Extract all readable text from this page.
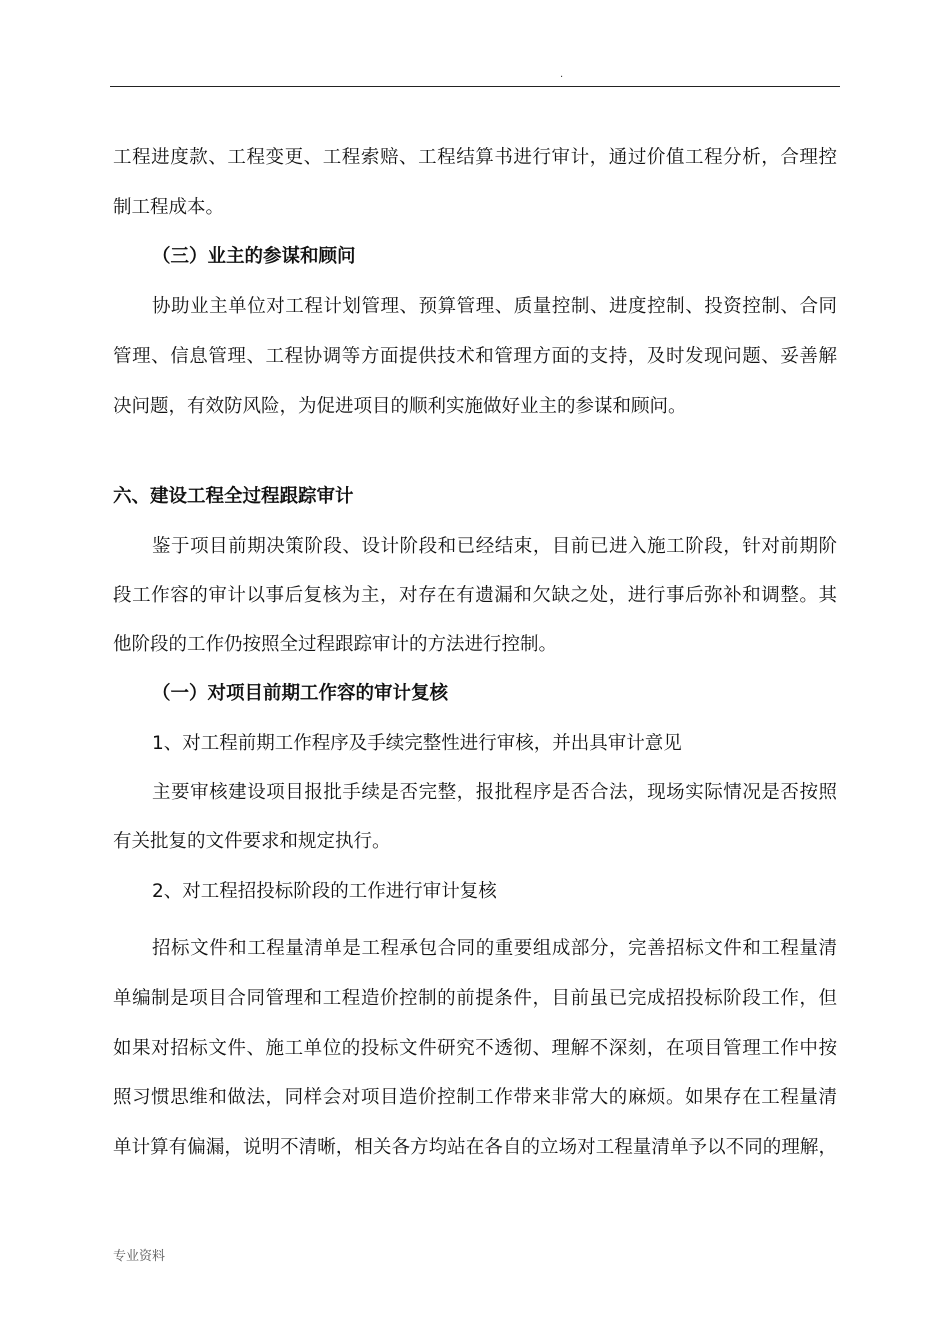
.
工程进度款、工程变更、工程索赔、工程结算书进行审计，通过价值工程分析，合理控
制工程成本。
（三）业主的参谋和顾问
协助业主单位对工程计划管理、预算管理、质量控制、进度控制、投资控制、合同
管理、信息管理、工程协调等方面提供技术和管理方面的支持，及时发现问题、妥善解
决问题，有效防风险，为促进项目的顺利实施做好业主的参谋和顾问。
六、建设工程全过程跟踪审计
鉴于项目前期决策阶段、设计阶段和已经结束，目前已进入施工阶段，针对前期阶
段工作容的审计以事后复核为主，对存在有遗漏和欠缺之处，进行事后弥补和调整。其
他阶段的工作仍按照全过程跟踪审计的方法进行控制。
（一）对项目前期工作容的审计复核
1、对工程前期工作程序及手续完整性进行审核，并出具审计意见
主要审核建设项目报批手续是否完整，报批程序是否合法，现场实际情况是否按照
有关批复的文件要求和规定执行。
2、对工程招投标阶段的工作进行审计复核
招标文件和工程量清单是工程承包合同的重要组成部分，完善招标文件和工程量清
单编制是项目合同管理和工程造价控制的前提条件，目前虽已完成招投标阶段工作，但
如果对招标文件、施工单位的投标文件研究不透彻、理解不深刻，在项目管理工作中按
照习惯思维和做法，同样会对项目造价控制工作带来非常大的麻烦。如果存在工程量清
单计算有偏漏，说明不清晰，相关各方均站在各自的立场对工程量清单予以不同的理解，
专业资料
